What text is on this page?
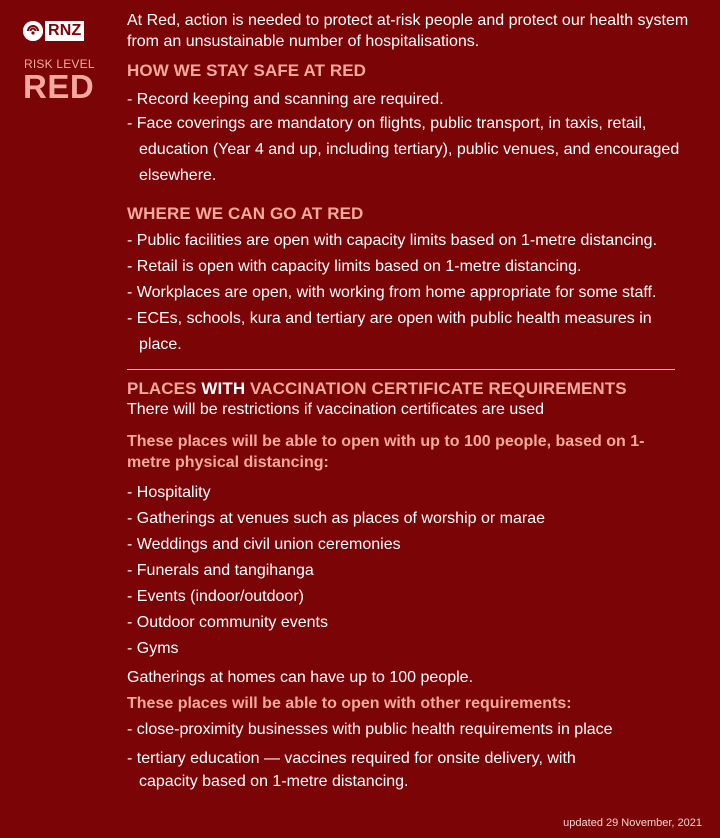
RNZ
RISK LEVEL
RED

At Red, action is needed to protect at-risk people and protect our health system from an unsustainable number of hospitalisations.

HOW WE STAY SAFE AT RED
- Record keeping and scanning are required.
- Face coverings are mandatory on flights, public transport, in taxis, retail, education (Year 4 and up, including tertiary), public venues, and encouraged elsewhere.
WHERE WE CAN GO AT RED
- Public facilities are open with capacity limits based on 1-metre distancing.
- Retail is open with capacity limits based on 1-metre distancing.
- Workplaces are open, with working from home appropriate for some staff.
- ECEs, schools, kura and tertiary are open with public health measures in place.
PLACES WITH VACCINATION CERTIFICATE REQUIREMENTS

There will be restrictions if vaccination certificates are used

These places will be able to open with up to 100 people, based on 1-metre physical distancing:

- Hospitality
- Gatherings at venues such as places of worship or marae
- Weddings and civil union ceremonies
- Funerals and tangihanga
- Events (indoor/outdoor)
- Outdoor community events
- Gyms

Gatherings at homes can have up to 100 people.

These places will be able to open with other requirements:

- close-proximity businesses with public health requirements in place
- tertiary education — vaccines required for onsite delivery, with capacity based on 1-metre distancing.
updated 29 November, 2021
